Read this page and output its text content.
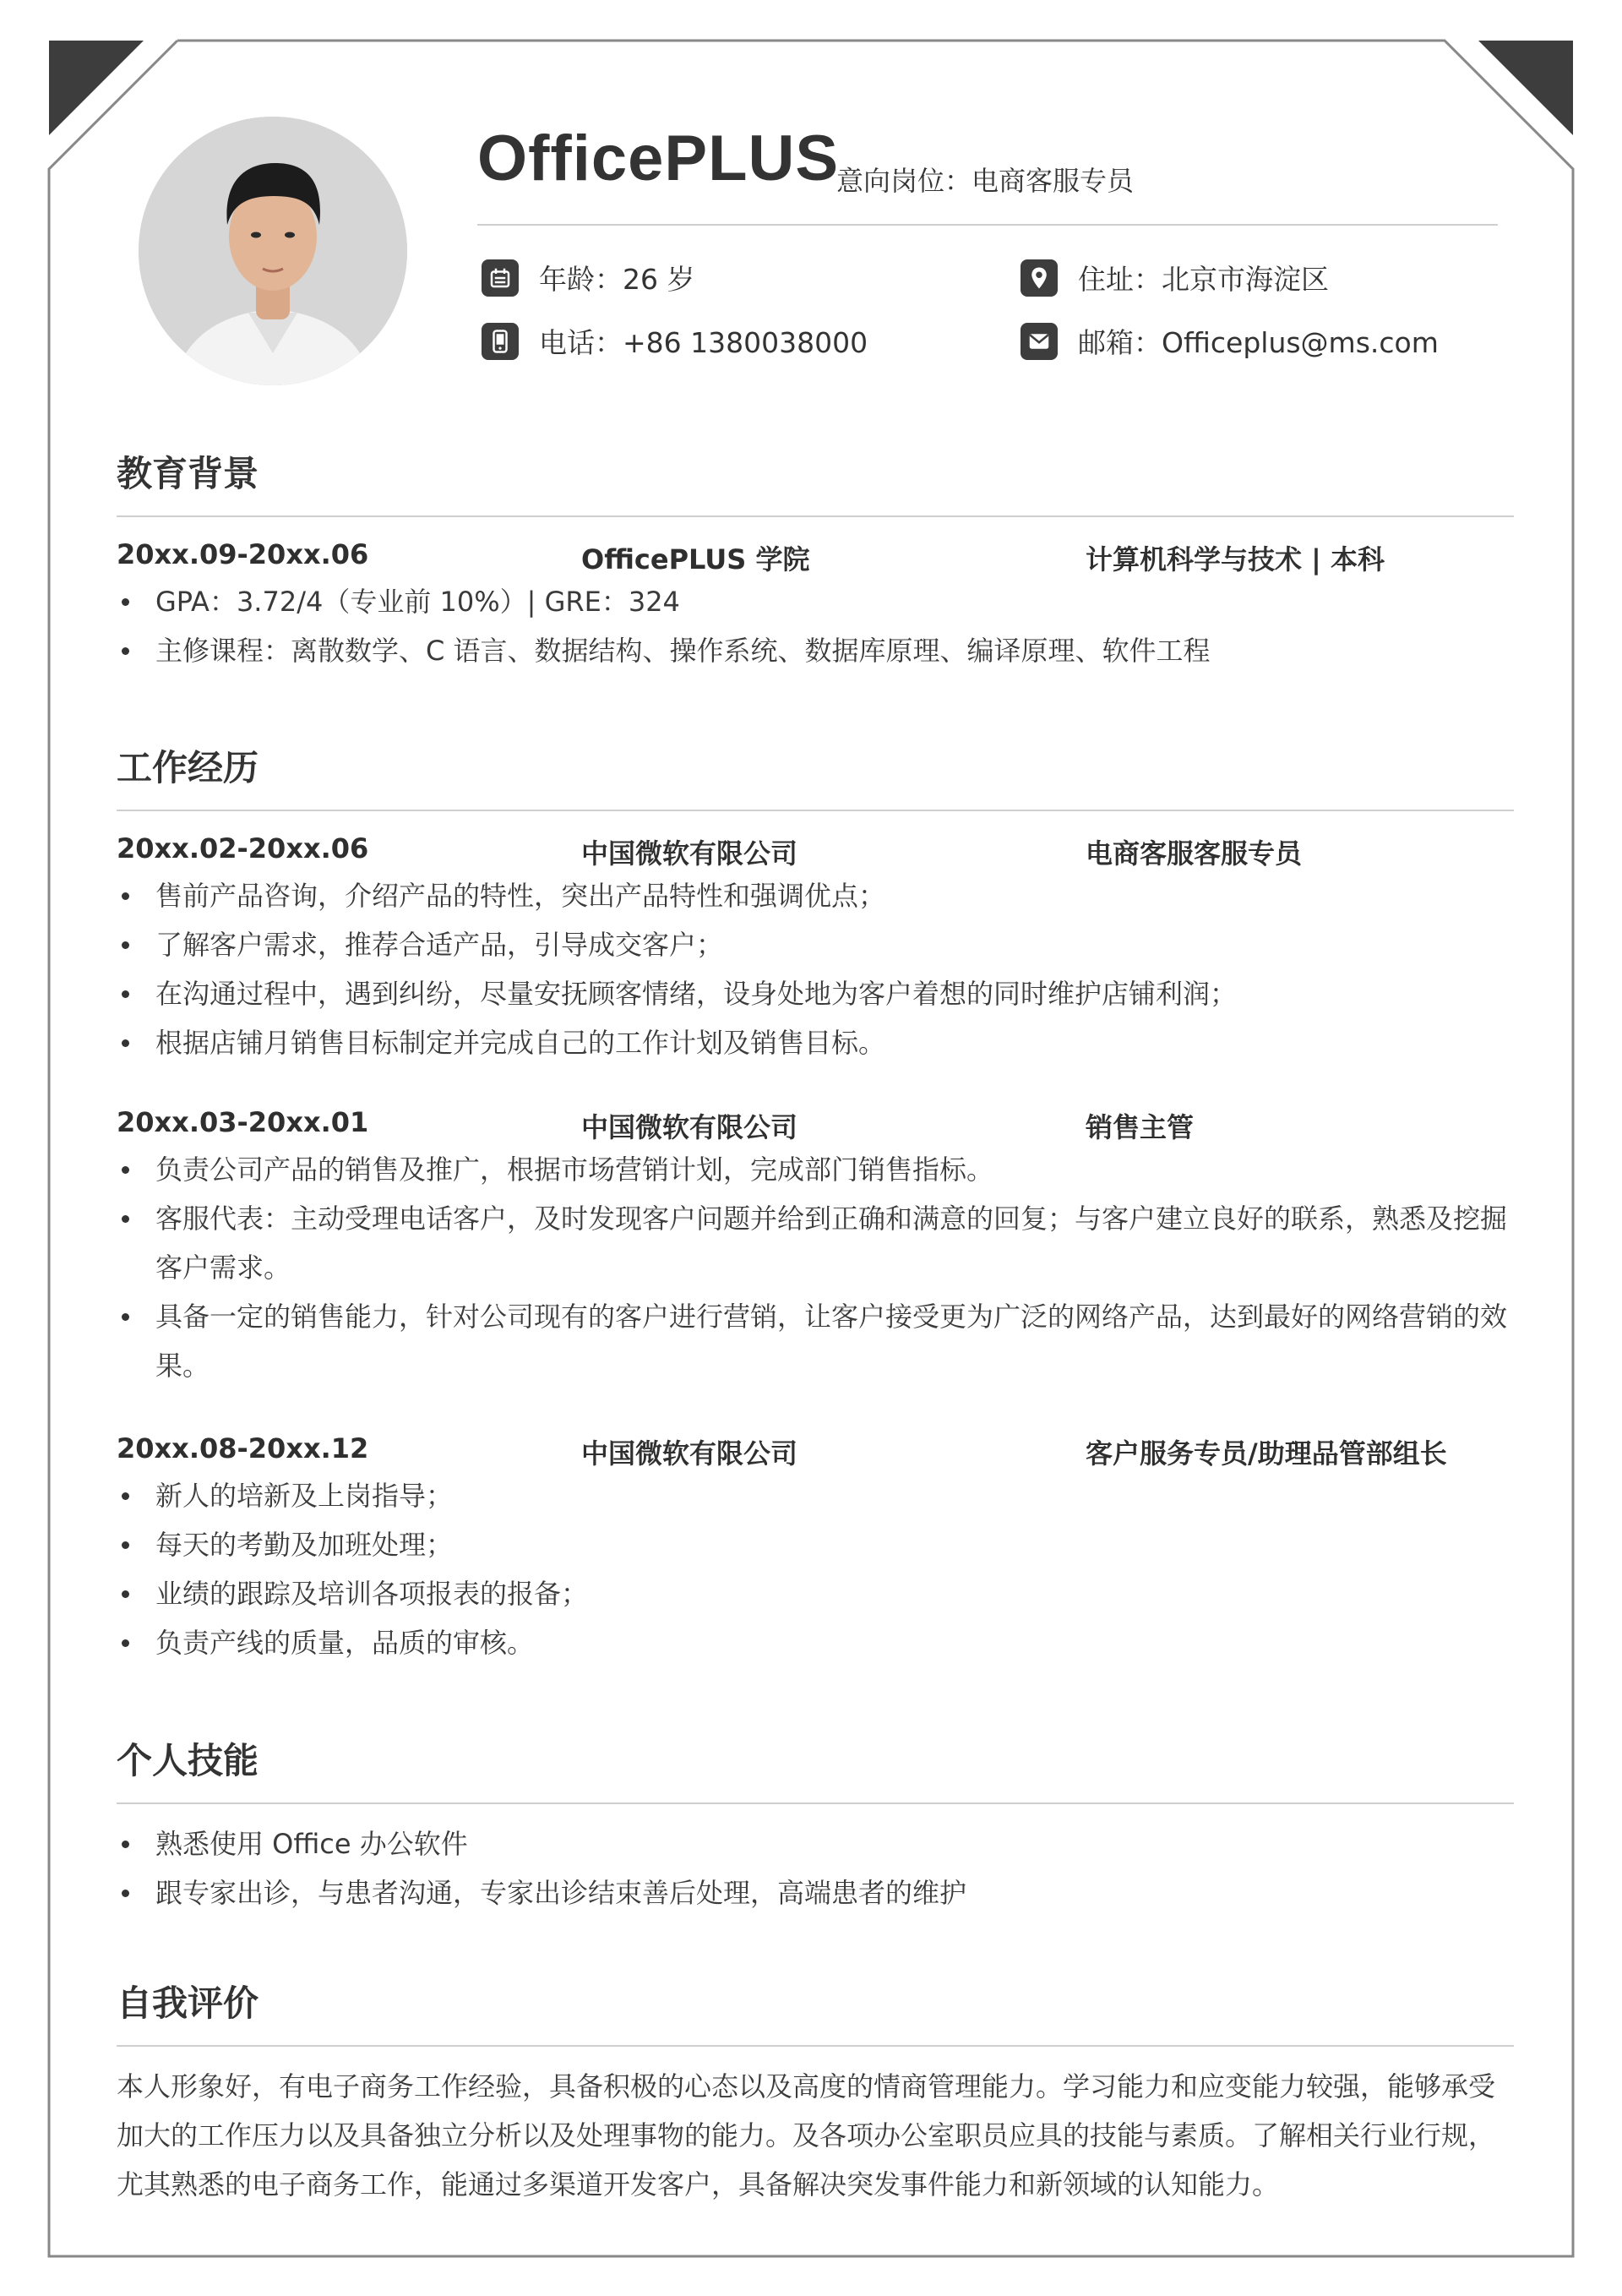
OfficePLUS
意向岗位：电商客服专员
年龄：26 岁	住址：北京市海淀区
电话：+86 1380038000	邮箱：Officeplus@ms.com
教育背景
20xx.09-20xx.06	OfficePLUS 学院	计算机科学与技术 | 本科
GPA：3.72/4（专业前 10%）| GRE：324
主修课程：离散数学、C 语言、数据结构、操作系统、数据库原理、编译原理、软件工程
工作经历
20xx.02-20xx.06	中国微软有限公司	电商客服客服专员
售前产品咨询，介绍产品的特性，突出产品特性和强调优点；
了解客户需求，推荐合适产品，引导成交客户；
在沟通过程中，遇到纠纷，尽量安抚顾客情绪，设身处地为客户着想的同时维护店铺利润；
根据店铺月销售目标制定并完成自己的工作计划及销售目标。
20xx.03-20xx.01	中国微软有限公司	销售主管
负责公司产品的销售及推广，根据市场营销计划，完成部门销售指标。
客服代表：主动受理电话客户，及时发现客户问题并给到正确和满意的回复；与客户建立良好的联系，熟悉及挖掘客户需求。
具备一定的销售能力，针对公司现有的客户进行营销，让客户接受更为广泛的网络产品，达到最好的网络营销的效果。
20xx.08-20xx.12	中国微软有限公司	客户服务专员/助理品管部组长
新人的培新及上岗指导；
每天的考勤及加班处理；
业绩的跟踪及培训各项报表的报备；
负责产线的质量，品质的审核。
个人技能
熟悉使用 Office 办公软件
跟专家出诊，与患者沟通，专家出诊结束善后处理，高端患者的维护
自我评价

本人形象好，有电子商务工作经验，具备积极的心态以及高度的情商管理能力。学习能力和应变能力较强，能够承受加大的工作压力以及具备独立分析以及处理事物的能力。及各项办公室职员应具的技能与素质。了解相关行业行规，尤其熟悉的电子商务工作，能通过多渠道开发客户，具备解决突发事件能力和新领域的认知能力。
